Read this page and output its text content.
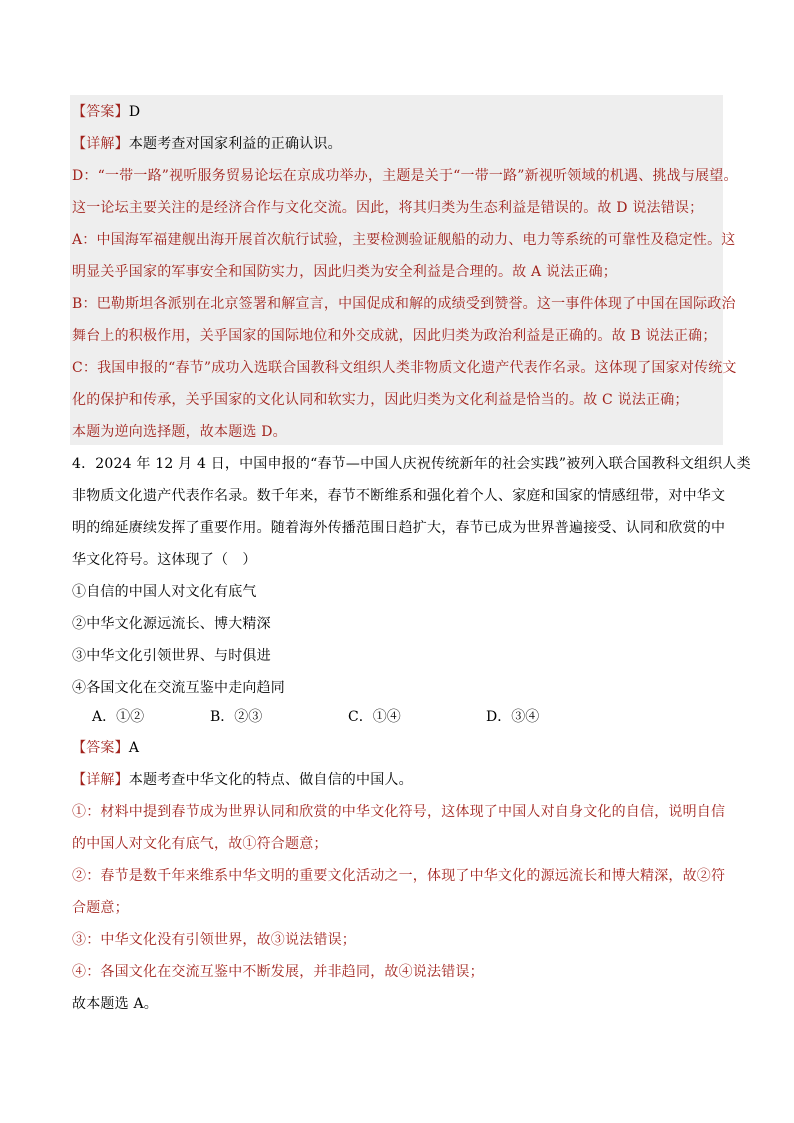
【答案】D
【详解】本题考查对国家利益的正确认识。
D：“一带一路”视听服务贸易论坛在京成功举办，主题是关于“一带一路”新视听领域的机遇、挑战与展望。
这一论坛主要关注的是经济合作与文化交流。因此，将其归类为生态利益是错误的。故 D 说法错误；
A：中国海军福建舰出海开展首次航行试验，主要检测验证舰船的动力、电力等系统的可靠性及稳定性。这
明显关乎国家的军事安全和国防实力，因此归类为安全利益是合理的。故 A 说法正确；
B：巴勒斯坦各派别在北京签署和解宣言，中国促成和解的成绩受到赞誉。这一事件体现了中国在国际政治
舞台上的积极作用，关乎国家的国际地位和外交成就，因此归类为政治利益是正确的。故 B 说法正确；
C：我国申报的“春节”成功入选联合国教科文组织人类非物质文化遗产代表作名录。这体现了国家对传统文
化的保护和传承，关乎国家的文化认同和软实力，因此归类为文化利益是恰当的。故 C 说法正确；
本题为逆向选择题，故本题选 D。
4．2024 年 12 月 4 日，中国申报的“春节—中国人庆祝传统新年的社会实践”被列入联合国教科文组织人类
非物质文化遗产代表作名录。数千年来，春节不断维系和强化着个人、家庭和国家的情感纽带，对中华文
明的绵延赓续发挥了重要作用。随着海外传播范围日趋扩大，春节已成为世界普遍接受、认同和欣赏的中
华文化符号。这体现了（　）
①自信的中国人对文化有底气
②中华文化源远流长、博大精深
③中华文化引领世界、与时俱进
④各国文化在交流互鉴中走向趋同
A．①②	B．②③	C．①④	D．③④
【答案】A
【详解】本题考查中华文化的特点、做自信的中国人。
①：材料中提到春节成为世界认同和欣赏的中华文化符号，这体现了中国人对自身文化的自信，说明自信
的中国人对文化有底气，故①符合题意；
②：春节是数千年来维系中华文明的重要文化活动之一，体现了中华文化的源远流长和博大精深，故②符
合题意；
③：中华文化没有引领世界，故③说法错误；
④：各国文化在交流互鉴中不断发展，并非趋同，故④说法错误；
故本题选 A。
